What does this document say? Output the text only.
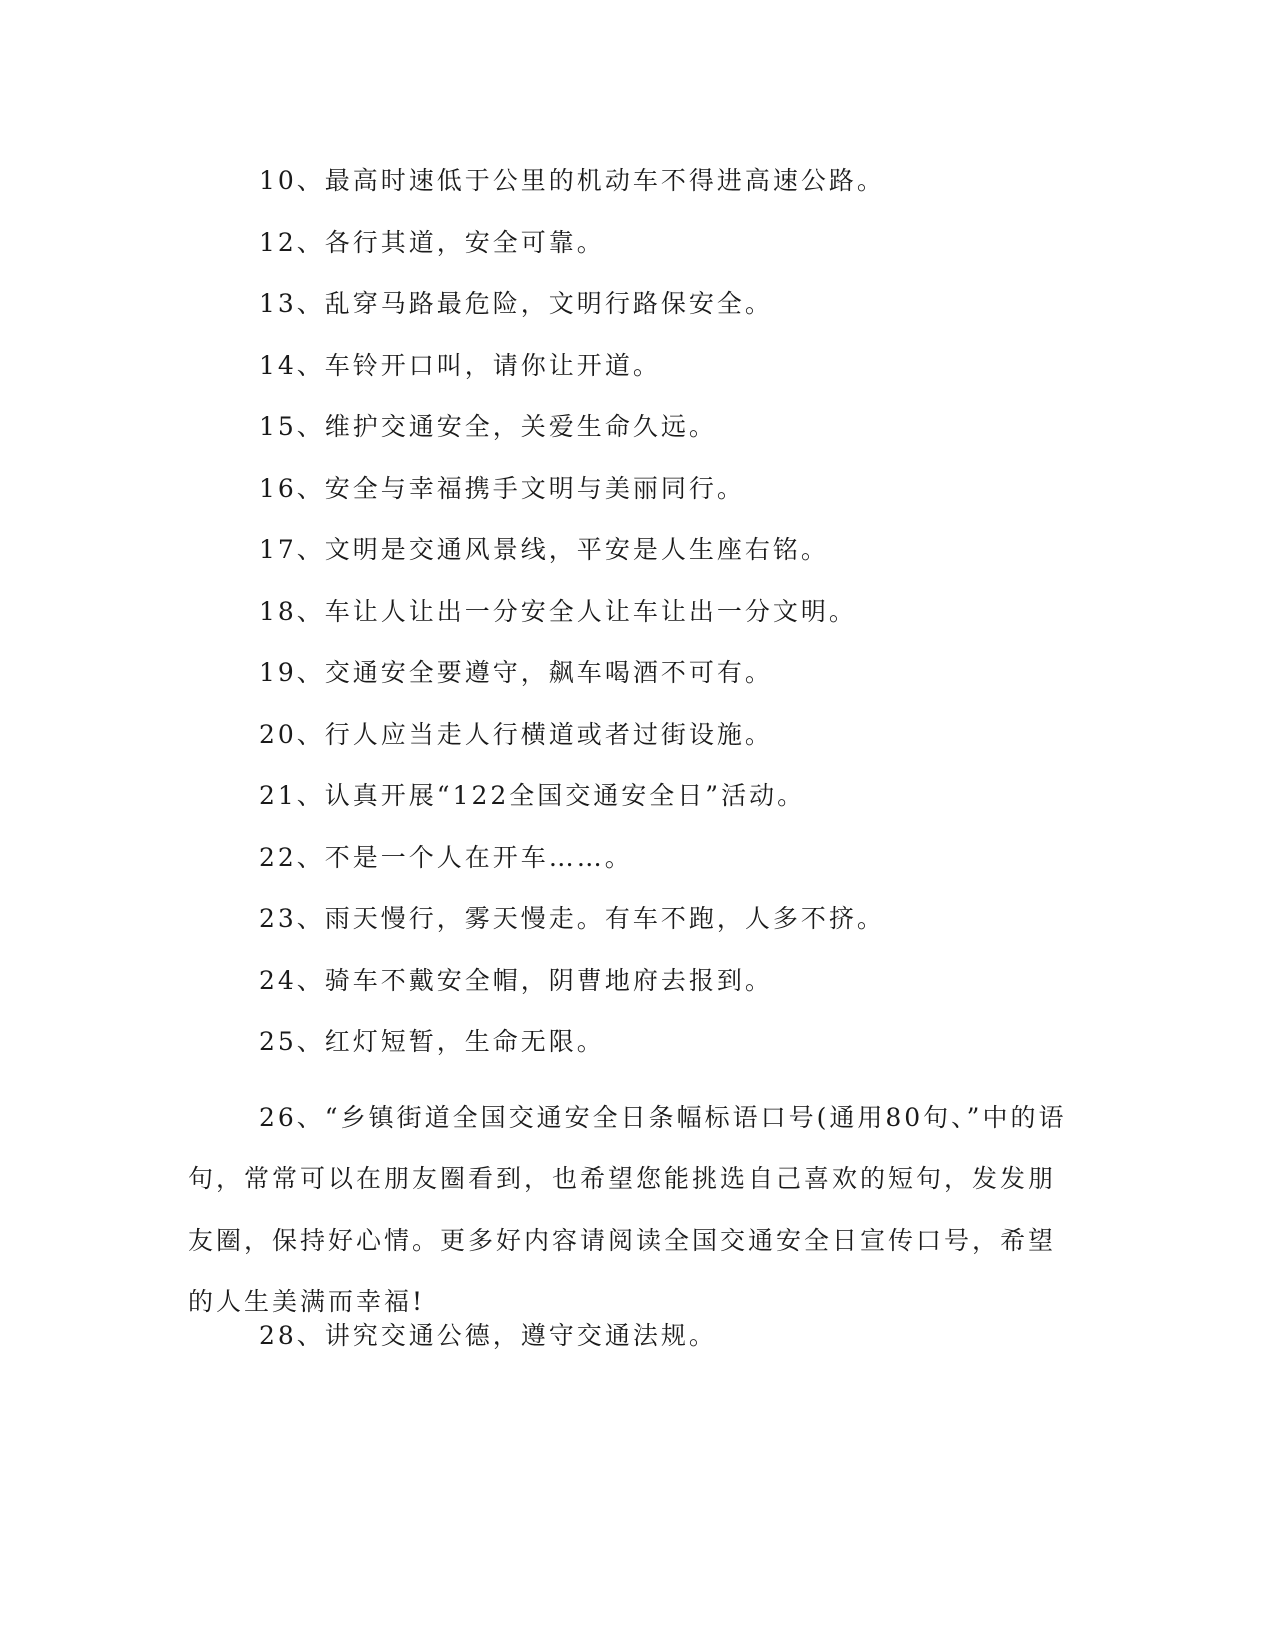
10、最高时速低于公里的机动车不得进高速公路。

12、各行其道，安全可靠。

13、乱穿马路最危险，文明行路保安全。

14、车铃开口叫，请你让开道。

15、维护交通安全，关爱生命久远。

16、安全与幸福携手文明与美丽同行。

17、文明是交通风景线，平安是人生座右铭。

18、车让人让出一分安全人让车让出一分文明。

19、交通安全要遵守，飙车喝酒不可有。

20、行人应当走人行横道或者过街设施。

21、认真开展“122全国交通安全日”活动。

22、不是一个人在开车……。

23、雨天慢行，雾天慢走。有车不跑，人多不挤。

24、骑车不戴安全帽，阴曹地府去报到。

25、红灯短暂，生命无限。

26、“乡镇街道全国交通安全日条幅标语口号(通用80句、”中的语句，常常可以在朋友圈看到，也希望您能挑选自己喜欢的短句，发发朋友圈，保持好心情。更多好内容请阅读全国交通安全日宣传口号，希望的人生美满而幸福!

28、讲究交通公德，遵守交通法规。
